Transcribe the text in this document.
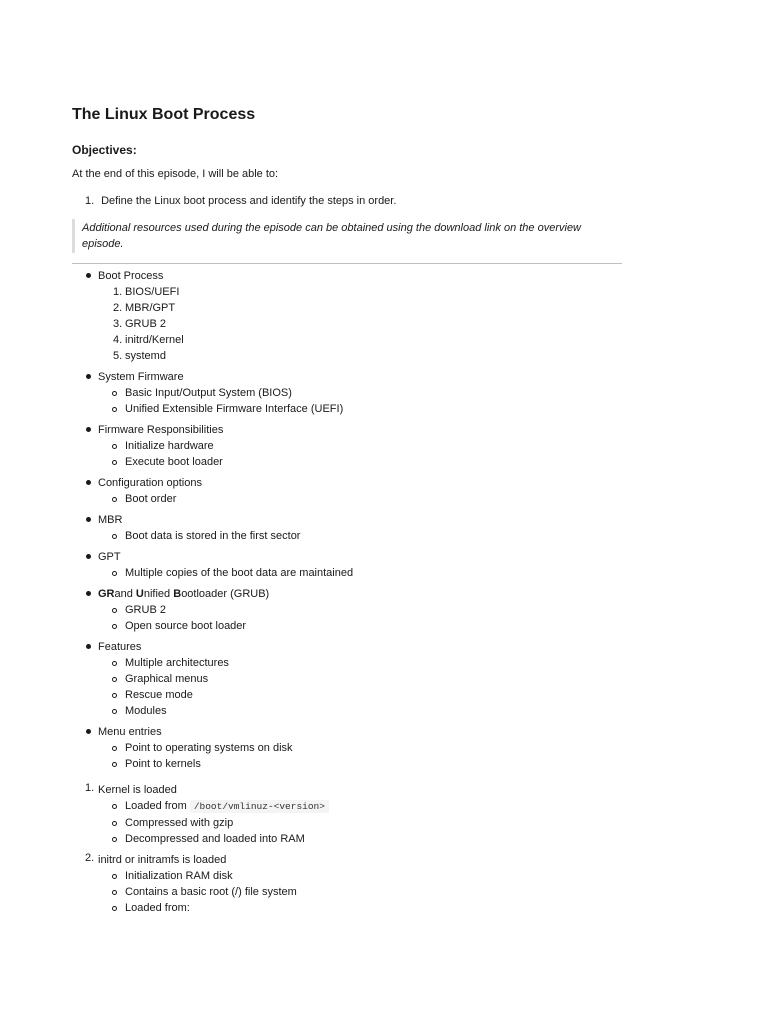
The Linux Boot Process
Objectives:

At the end of this episode, I will be able to:

1. Define the Linux boot process and identify the steps in order.
Additional resources used during the episode can be obtained using the download link on the overview episode.
Boot Process
1. BIOS/UEFI
2. MBR/GPT
3. GRUB 2
4. initrd/Kernel
5. systemd
System Firmware
Basic Input/Output System (BIOS)
Unified Extensible Firmware Interface (UEFI)
Firmware Responsibilities
Initialize hardware
Execute boot loader
Configuration options
Boot order
MBR
Boot data is stored in the first sector
GPT
Multiple copies of the boot data are maintained
GRand Unified Bootloader (GRUB)
GRUB 2
Open source boot loader
Features
Multiple architectures
Graphical menus
Rescue mode
Modules
Menu entries
Point to operating systems on disk
Point to kernels
1. Kernel is loaded
Loaded from /boot/vmlinuz-<version>
Compressed with gzip
Decompressed and loaded into RAM
2. initrd or initramfs is loaded
Initialization RAM disk
Contains a basic root (/) file system
Loaded from:
